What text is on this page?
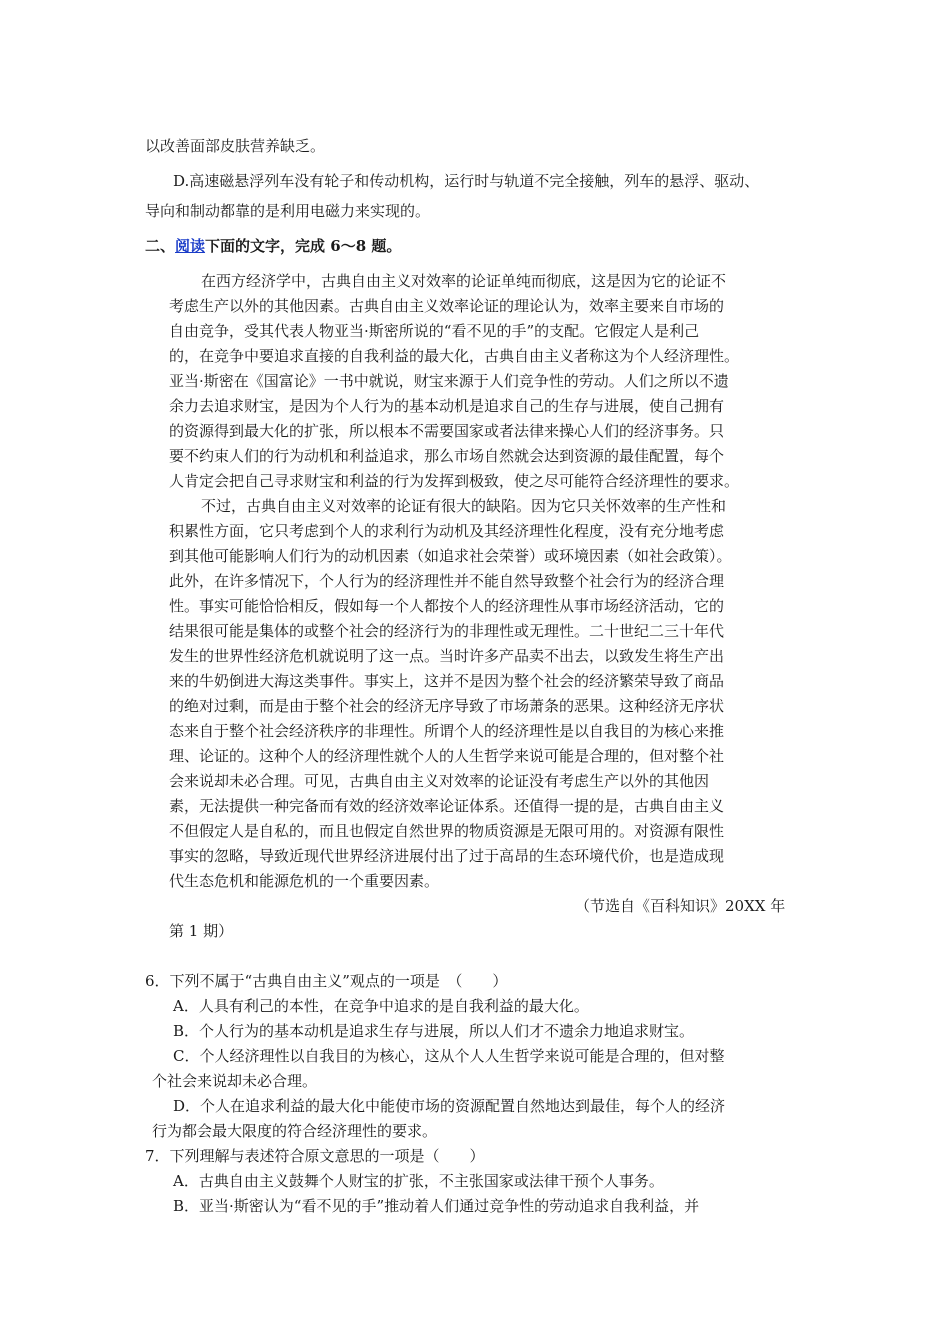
以改善面部皮肤营养缺乏。
D.高速磁悬浮列车没有轮子和传动机构，运行时与轨道不完全接触，列车的悬浮、驱动、
导向和制动都靠的是利用电磁力来实现的。
二、阅读下面的文字，完成 6～8 题。
在西方经济学中，古典自由主义对效率的论证单纯而彻底，这是因为它的论证不
考虑生产以外的其他因素。古典自由主义效率论证的理论认为，效率主要来自市场的
自由竞争，受其代表人物亚当·斯密所说的“看不见的手”的支配。它假定人是利己
的，在竞争中要追求直接的自我利益的最大化，古典自由主义者称这为个人经济理性。
亚当·斯密在《国富论》一书中就说，财宝来源于人们竞争性的劳动。人们之所以不遗
余力去追求财宝，是因为个人行为的基本动机是追求自己的生存与进展，使自己拥有
的资源得到最大化的扩张，所以根本不需要国家或者法律来操心人们的经济事务。只
要不约束人们的行为动机和利益追求，那么市场自然就会达到资源的最佳配置，每个
人肯定会把自己寻求财宝和利益的行为发挥到极致，使之尽可能符合经济理性的要求。
不过，古典自由主义对效率的论证有很大的缺陷。因为它只关怀效率的生产性和
积累性方面，它只考虑到个人的求利行为动机及其经济理性化程度，没有充分地考虑
到其他可能影响人们行为的动机因素（如追求社会荣誉）或环境因素（如社会政策）。
此外，在许多情况下，个人行为的经济理性并不能自然导致整个社会行为的经济合理
性。事实可能恰恰相反，假如每一个人都按个人的经济理性从事市场经济活动，它的
结果很可能是集体的或整个社会的经济行为的非理性或无理性。二十世纪二三十年代
发生的世界性经济危机就说明了这一点。当时许多产品卖不出去，以致发生将生产出
来的牛奶倒进大海这类事件。事实上，这并不是因为整个社会的经济繁荣导致了商品
的绝对过剩，而是由于整个社会的经济无序导致了市场萧条的恶果。这种经济无序状
态来自于整个社会经济秩序的非理性。所谓个人的经济理性是以自我目的为核心来推
理、论证的。这种个人的经济理性就个人的人生哲学来说可能是合理的，但对整个社
会来说却未必合理。可见，古典自由主义对效率的论证没有考虑生产以外的其他因
素，无法提供一种完备而有效的经济效率论证体系。还值得一提的是，古典自由主义
不但假定人是自私的，而且也假定自然世界的物质资源是无限可用的。对资源有限性
事实的忽略，导致近现代世界经济进展付出了过于高昂的生态环境代价，也是造成现
代生态危机和能源危机的一个重要因素。
（节选自《百科知识》20XX 年
第 1 期）
6．下列不属于“古典自由主义”观点的一项是　（　　）
A．人具有利己的本性，在竞争中追求的是自我利益的最大化。
B．个人行为的基本动机是追求生存与进展，所以人们才不遗余力地追求财宝。
C．个人经济理性以自我目的为核心，这从个人人生哲学来说可能是合理的，但对整
个社会来说却未必合理。
D．个人在追求利益的最大化中能使市场的资源配置自然地达到最佳，每个人的经济
行为都会最大限度的符合经济理性的要求。
7．下列理解与表述符合原文意思的一项是（　　）
A．古典自由主义鼓舞个人财宝的扩张，不主张国家或法律干预个人事务。
B．亚当·斯密认为“看不见的手”推动着人们通过竞争性的劳动追求自我利益，并
